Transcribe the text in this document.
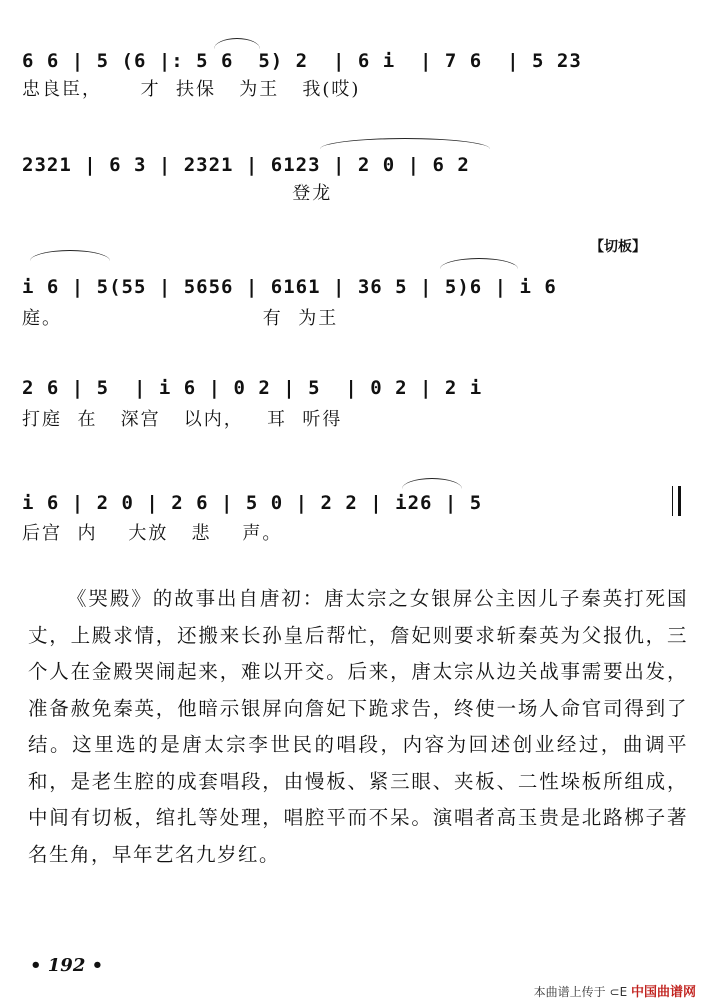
6 6 | 5 (6 |: 5 6  5) 2  | 6 i  | 7 6  | 5 23
忠良臣，     才  扶保   为王   我(哎)
2321 | 6 3 | 2321 | 6123 | 2 0 | 6 2
登龙
【切板】
i 6 | 5(55 | 5656 | 6161 | 36 5 | 5)6 | i 6
庭。                          有  为王
2 6 | 5  | i 6 | 0 2 | 5  | 0 2 | 2 i
打庭  在   深宫   以内，   耳  听得
i 6 | 2 0 | 2 6 | 5 0 | 2 2 | i26 | 5
后宫  内    大放   悲    声。

《哭殿》的故事出自唐初：唐太宗之女银屏公主因儿子秦英打死国丈，上殿求情，还搬来长孙皇后帮忙，詹妃则要求斩秦英为父报仇，三个人在金殿哭闹起来，难以开交。后来，唐太宗从边关战事需要出发，准备赦免秦英，他暗示银屏向詹妃下跪求告，终使一场人命官司得到了结。这里选的是唐太宗李世民的唱段，内容为回述创业经过，曲调平和，是老生腔的成套唱段，由慢板、紧三眼、夹板、二性垛板所组成，中间有切板，绾扎等处理，唱腔平而不呆。演唱者高玉贵是北路梆子著名生角，早年艺名九岁红。

• 192 •
本曲谱上传于 ⊂E 中国曲谱网
